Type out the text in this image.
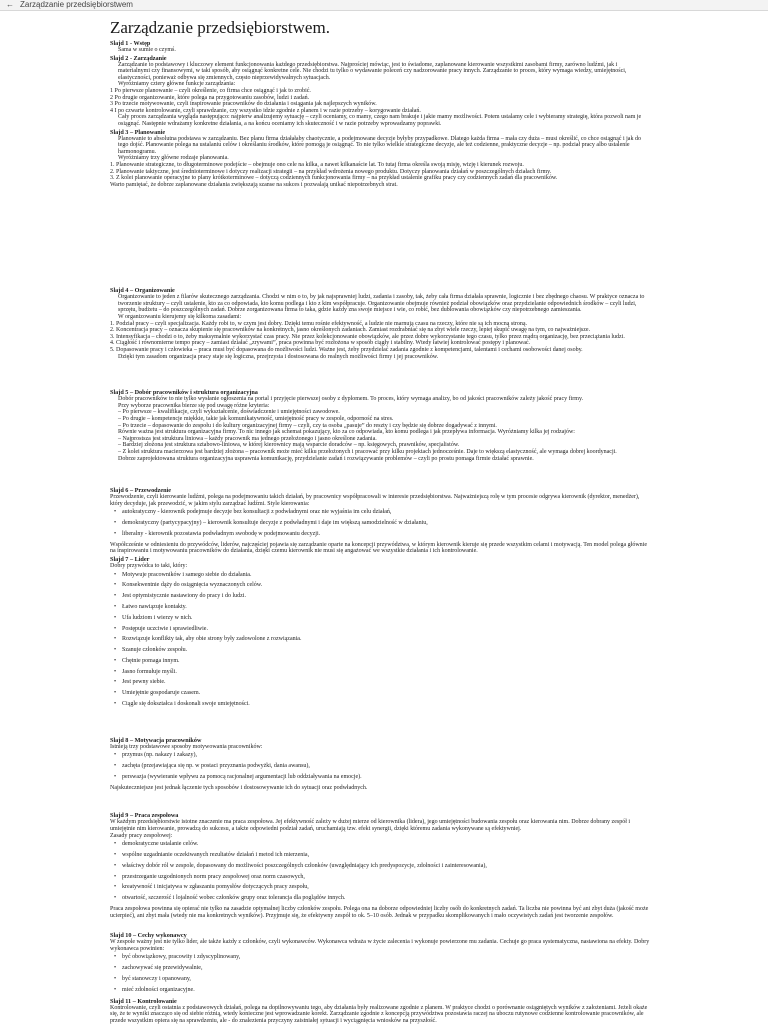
← Zarządzanie przedsiębiorstwem
Zarządzanie przedsiębiorstwem.

Slajd 1 - Wstęp

Sama w sumie o czymś.

Slajd 2 - Zarządzanie

Zarządzanie to podstawowy i kluczowy element funkcjonowania każdego przedsiębiorstwa. Najprościej mówiąc, jest to świadome, zaplanowane kierowanie wszystkimi zasobami firmy, zarówno ludźmi, jak i materialnymi czy finansowymi, w taki sposób, aby osiągnąć konkretne cele. Nie chodzi tu tylko o wydawanie poleceń czy nadzorowanie pracy innych. Zarządzanie to proces, który wymaga wiedzy, umiejętności, elastyczności, ponieważ odbywa się zmiennych, często nieprzewidywalnych sytuacjach.

Wyróżniamy cztery główne funkcje zarządzania:

1 Po pierwsze planowanie – czyli określenie, co firma chce osiągnąć i jak to zrobić.

2 Po drugie organizowanie, które polega na przygotowaniu zasobów, ludzi i zadań.

3 Po trzecie motywowanie, czyli inspirowanie pracowników do działania i osiągania jak najlepszych wyników.

4 I po czwarte kontrolowanie, czyli sprawdzanie, czy wszystko idzie zgodnie z planem i w razie potrzeby – korygowanie działań.

Cały proces zarządzania wygląda następująco: najpierw analizujemy sytuację – czyli oceniamy, co mamy, czego nam brakuje i jakie mamy możliwości. Potem ustalamy cele i wybieramy strategię, która pozwoli nam je osiągnąć. Następnie wdrażamy konkretne działania, a na końcu oceniamy ich skuteczność i w razie potrzeby wprowadzamy poprawki.

Slajd 3 – Planowanie

Planowanie to absolutna podstawa w zarządzaniu. Bez planu firma działałaby chaotycznie, a podejmowane decyzje byłyby przypadkowe. Dlatego każda firma – mała czy duża – musi określić, co chce osiągnąć i jak do tego dojść. Planowanie polega na ustalaniu celów i określaniu środków, które pomogą je osiągnąć. To nie tylko wielkie strategiczne decyzje, ale też codzienne, praktyczne decyzje – np. podział pracy albo ustalenie harmonogramu.

Wyróżniamy trzy główne rodzaje planowania.

1. Planowanie strategiczne, to długoterminowe podejście – obejmuje ono cele na kilka, a nawet kilkanaście lat. To tutaj firma określa swoją misję, wizję i kierunek rozwoju.

2. Planowanie taktyczne, jest średnioterminowe i dotyczy realizacji strategii – na przykład wdrożenia nowego produktu. Dotyczy planowania działań w poszczególnych działach firmy.

3. Z kolei planowanie operacyjne to plany krótkoterminowe – dotyczą codziennych funkcjonowania firmy – na przykład ustalenie grafiku pracy czy codziennych zadań dla pracowników.

Warto pamiętać, że dobrze zaplanowane działania zwiększają szanse na sukces i pozwalają unikać niepotrzebnych strat.

Slajd 4 – Organizowanie

Organizowanie to jeden z filarów skutecznego zarządzania. Chodzi w nim o to, by jak najsprawniej ludzi, zadania i zasoby, tak, żeby cała firma działała sprawnie, logicznie i bez zbędnego chaosu. W praktyce oznacza to tworzenie struktury – czyli ustalenie, kto za co odpowiada, kto komu podlega i kto z kim współpracuje. Organizowanie obejmuje również podział obowiązków oraz przydzielanie odpowiednich środków – czyli ludzi, sprzętu, budżetu – do poszczególnych zadań. Dobrze zorganizowana firma to taka, gdzie każdy zna swoje miejsce i wie, co robić, bez dublowania obowiązków czy niepotrzebnego zamieszania.

W organizowaniu kierujemy się kilkoma zasadami:

1. Podział pracy – czyli specjalizacja. Każdy robi to, w czym jest dobry. Dzięki temu rośnie efektywność, a ludzie nie marnują czasu na rzeczy, które nie są ich mocną stroną.

2. Koncentracja pracy – oznacza skupienie się pracowników na konkretnych, jasno określonych zadaniach. Zamiast rozdrabniać się na zbyt wiele rzeczy, lepiej skupić uwagę na tym, co najważniejsze.

3. Intensyfikacja – chodzi o to, żeby maksymalnie wykorzystać czas pracy. Nie przez kolekcjonowanie obowiązków, ale przez dobre wykorzystanie tego czasu, tylko przez mądrą organizację, bez przeciążania ludzi.

4. Ciągłość i równomierne tempo pracy – zamiast działać „zrywami”, praca powinna być rozłożona w sposób ciągły i stabilny. Wtedy łatwiej kontrolować postępy i planować.

5. Dopasowanie pracy i człowieka – praca musi być dopasowana do możliwości ludzi. Ważne jest, żeby przydzielać zadania zgodnie z kompetencjami, talentami i cechami osobowości danej osoby.

Dzięki tym zasadom organizacja pracy staje się logiczna, przejrzysta i dostosowana do realnych możliwości firmy i jej pracowników.

Slajd 5 – Dobór pracowników i struktura organizacyjna

Dobór pracowników to nie tylko wysłanie ogłoszenia na portal i przyjęcie pierwszej osoby z dyplomem. To proces, który wymaga analizy, bo od jakości pracowników zależy jakość pracy firmy.

Przy wyborze pracownika bierze się pod uwagę różne kryteria:

– Po pierwsze – kwalifikacje, czyli wykształcenie, doświadczenie i umiejętności zawodowe.

– Po drugie – kompetencje miękkie, takie jak komunikatywność, umiejętność pracy w zespole, odporność na stres.

– Po trzecie – dopasowanie do zespołu i do kultury organizacyjnej firmy – czyli, czy ta osoba „pasuje” do reszty i czy będzie się dobrze dogadywać z innymi.

Równie ważna jest struktura organizacyjna firmy. To nic innego jak schemat pokazujący, kto za co odpowiada, kto komu podlega i jak przepływa informacja. Wyróżniamy kilka jej rodzajów:

– Najprostsza jest struktura liniowa – każdy pracownik ma jednego przełożonego i jasno określone zadania.

– Bardziej złożona jest struktura sztabowo-liniowa, w której kierownicy mają wsparcie doradców – np. księgowych, prawników, specjalistów.

– Z kolei struktura macierzowa jest bardziej złożona – pracownik może mieć kilku przełożonych i pracować przy kilku projektach jednocześnie. Daje to większą elastyczność, ale wymaga dobrej koordynacji.

Dobrze zaprojektowana struktura organizacyjna usprawnia komunikację, przydzielanie zadań i rozwiązywanie problemów – czyli po prostu pomaga firmie działać sprawnie.

Slajd 6 – Przewodzenie

Przewodzenie, czyli kierowanie ludźmi, polega na podejmowaniu takich działań, by pracownicy współpracowali w interesie przedsiębiorstwa. Najważniejszą rolę w tym procesie odgrywa kierownik (dyrektor, menedżer), który decyduje, jak przewodzić, w jakim stylu zarządzać ludźmi. Style kierowania:

• autokratyczny - kierownik podejmuje decyzje bez konsultacji z podwładnymi oraz nie wyjaśnia im celu działań,

• demokratyczny (partycypacyjny) – kierownik konsultuje decyzje z podwładnymi i daje im większą samodzielność w działaniu,

• liberalny - kierownik pozostawia podwładnym swobodę w podejmowaniu decyzji.

Współcześnie w odniesieniu do przywódców, liderów, najczęściej pojawia się zarządzanie oparte na koncepcji przywództwa, w którym kierownik kieruje się przede wszystkim celami i motywacją. Ten model polega głównie na inspirowaniu i motywowaniu pracowników do działania, dzięki czemu kierownik nie musi się angażować we wszystkie działania i ich kontrolowanie.

Slajd 7 – Lider

Dobry przywódca to taki, który:

• Motywuje pracowników i samego siebie do działania.

• Konsekwentnie dąży do osiągnięcia wyznaczonych celów.

• Jest optymistycznie nastawiony do pracy i do ludzi.

• Łatwo nawiązuje kontakty.

• Ufa ludziom i wierzy w nich.

• Postępuje uczciwie i sprawiedliwie.

• Rozwiązuje konflikty tak, aby obie strony były zadowolone z rozwiązania.

• Szanuje członków zespołu.

• Chętnie pomaga innym.

• Jasno formułuje myśli.

• Jest pewny siebie.

• Umiejętnie gospodaruje czasem.

• Ciągle się dokształca i doskonali swoje umiejętności.

Slajd 8 – Motywacja pracowników

Istnieją trzy podstawowe sposoby motywowania pracowników:

• przymus (np. nakazy i zakazy),

• zachęta (przejawiająca się np. w postaci przyznania podwyżki, dania awansu),

• perswazja (wywieranie wpływu za pomocą racjonalnej argumentacji lub oddziaływania na emocje).

Najskuteczniejsze jest jednak łączenie tych sposobów i dostosowywanie ich do sytuacji oraz podwładnych.

Slajd 9 – Praca zespołowa

W każdym przedsiębiorstwie istotne znaczenie ma praca zespołowa. Jej efektywność zależy w dużej mierze od kierownika (lidera), jego umiejętności budowania zespołu oraz kierowania nim. Dobrze dobrany zespół i umiejętnie nim kierowanie, prowadzą do sukcesu, a także odpowiedni podział zadań, uruchamiają tzw. efekt synergii, dzięki któremu zadania wykonywane są efektywniej.

Zasady pracy zespołowej:

• demokratyczne ustalanie celów.

• wspólne uzgadnianie oczekiwanych rezultatów działań i metod ich mierzenia,

• właściwy dobór ról w zespole, dopasowany do możliwości poszczególnych członków (uwzględniający ich predyspozycje, zdolności i zainteresowania),

• przestrzeganie uzgodnionych norm pracy zespołowej oraz norm czasowych,

• kreatywność i inicjatywa w zgłaszaniu pomysłów dotyczących pracy zespołu,

• otwartość, szczerość i lojalność wobec członków grupy oraz tolerancja dla poglądów innych.

Praca zespołowa powinna się opierać nie tylko na zasadzie optymalnej liczby członków zespołu. Polega ona na doborze odpowiedniej liczby osób do konkretnych zadań. Ta liczba nie powinna być ani zbyt duża (jakość może ucierpieć), ani zbyt mała (wtedy nie ma konkretnych wyników). Przyjmuje się, że efektywny zespół to ok. 5–10 osób. Jednak w przypadku skomplikowanych i mało oczywistych zadań jest tworzenie zespołów.

Slajd 10 – Cechy wykonawcy

W zespole ważny jest nie tylko lider, ale także każdy z członków, czyli wykonawców. Wykonawca wdraża w życie zalecenia i wykonuje powierzone mu zadania. Cechuje go praca systematyczna, nastawiona na efekty. Dobry wykonawca powinien:

• być obowiązkowy, pracowity i zdyscyplinowany,

• zachowywać się przewidywalnie,

• być stanowczy i opanowany,

• mieć zdolności organizacyjne.

Slajd 11 – Kontrolowanie

Kontrolowanie, czyli ostatnia z podstawowych działań, polega na dopilnowywaniu tego, aby działania były realizowane zgodnie z planem. W praktyce chodzi o porównanie osiągniętych wyników z założeniami. Jeżeli okaże się, że te wyniki znacząco się od siebie różnią, wtedy konieczne jest wprowadzanie korekt. Zarządzanie zgodnie z koncepcją przywództwa pozostawia raczej na uboczu rutynowe codzienne kontrolowanie pracowników, ale przede wszystkim opiera się na sprawdzeniu, ale - do znalezienia przyczyny zaistniałej sytuacji i wyciągnięcia wniosków na przyszłość.
